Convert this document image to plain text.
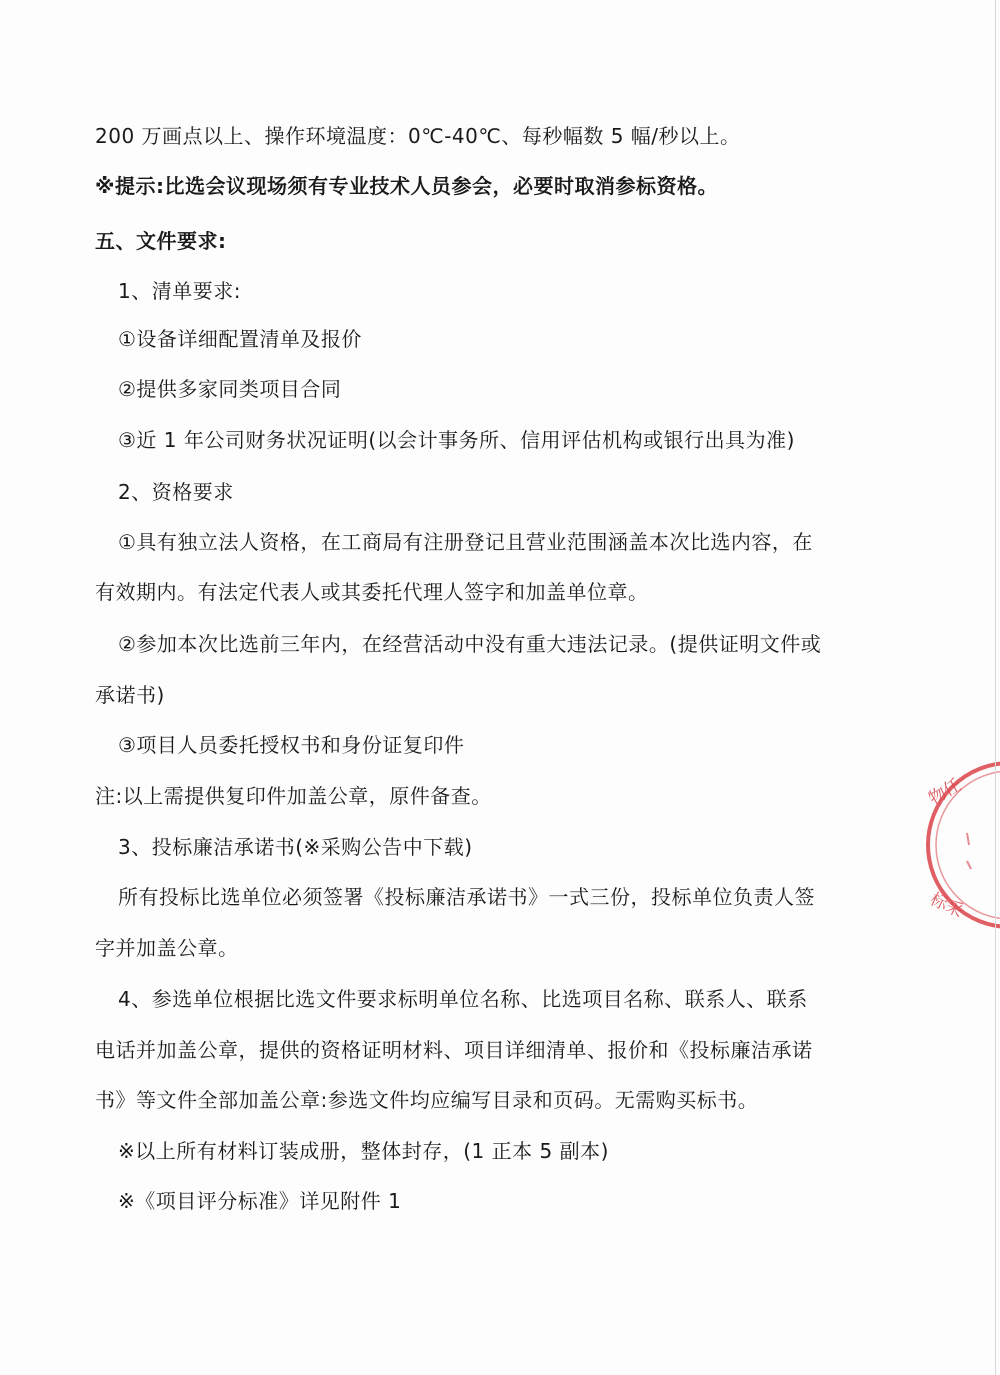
200 万画点以上、操作环境温度：0℃-40℃、每秒幅数 5 幅/秒以上。
※提示:比选会议现场须有专业技术人员参会，必要时取消参标资格。
五、文件要求:
1、清单要求:
①设备详细配置清单及报价
②提供多家同类项目合同
③近 1 年公司财务状况证明(以会计事务所、信用评估机构或银行出具为准)
2、资格要求
①具有独立法人资格，在工商局有注册登记且营业范围涵盖本次比选内容，在
有效期内。有法定代表人或其委托代理人签字和加盖单位章。
②参加本次比选前三年内，在经营活动中没有重大违法记录。(提供证明文件或
承诺书)
③项目人员委托授权书和身份证复印件
注:以上需提供复印件加盖公章，原件备查。
3、投标廉洁承诺书(※采购公告中下载)
所有投标比选单位必须签署《投标廉洁承诺书》一式三份，投标单位负责人签
字并加盖公章。
4、参选单位根据比选文件要求标明单位名称、比选项目名称、联系人、联系
电话并加盖公章，提供的资格证明材料、项目详细清单、报价和《投标廉洁承诺
书》等文件全部加盖公章:参选文件均应编写目录和页码。无需购买标书。
※以上所有材料订装成册，整体封存，(1 正本 5 副本)
※《项目评分标准》详见附件 1
物任
标采
